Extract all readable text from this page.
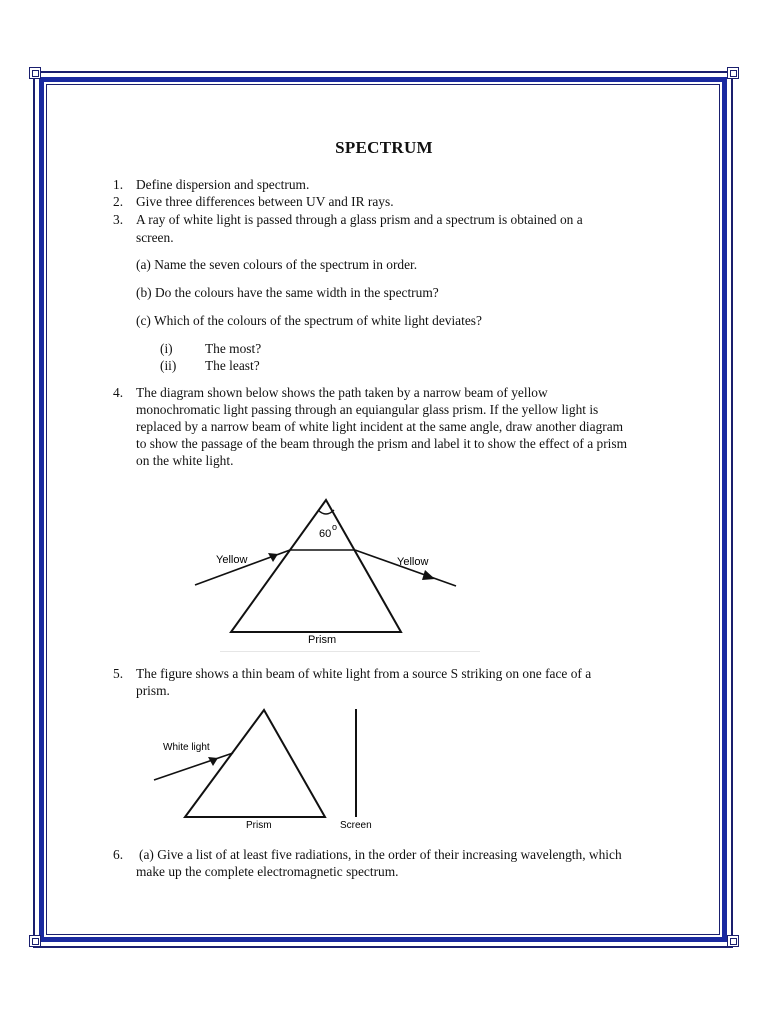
SPECTRUM
1. Define dispersion and spectrum.
2. Give three differences between UV and IR rays.
3. A ray of white light is passed through a glass prism and a spectrum is obtained on a
screen.
(a) Name the seven colours of the spectrum in order.
(b) Do the colours have the same width in the spectrum?
(c) Which of the colours of the spectrum of white light deviates?
(i) The most?
(ii) The least?
4. The diagram shown below shows the path taken by a narrow beam of yellow
monochromatic light passing through an equiangular glass prism. If the yellow light is
replaced by a narrow beam of white light incident at the same angle, draw another diagram
to show the passage of the beam through the prism and label it to show the effect of a prism
on the white light.
60
o
Yellow	Yellow
Prism
5. The figure shows a thin beam of white light from a source S striking on one face of a
prism.
White light
Prism	Screen
6. (a) Give a list of at least five radiations, in the order of their increasing wavelength, which
make up the complete electromagnetic spectrum.
